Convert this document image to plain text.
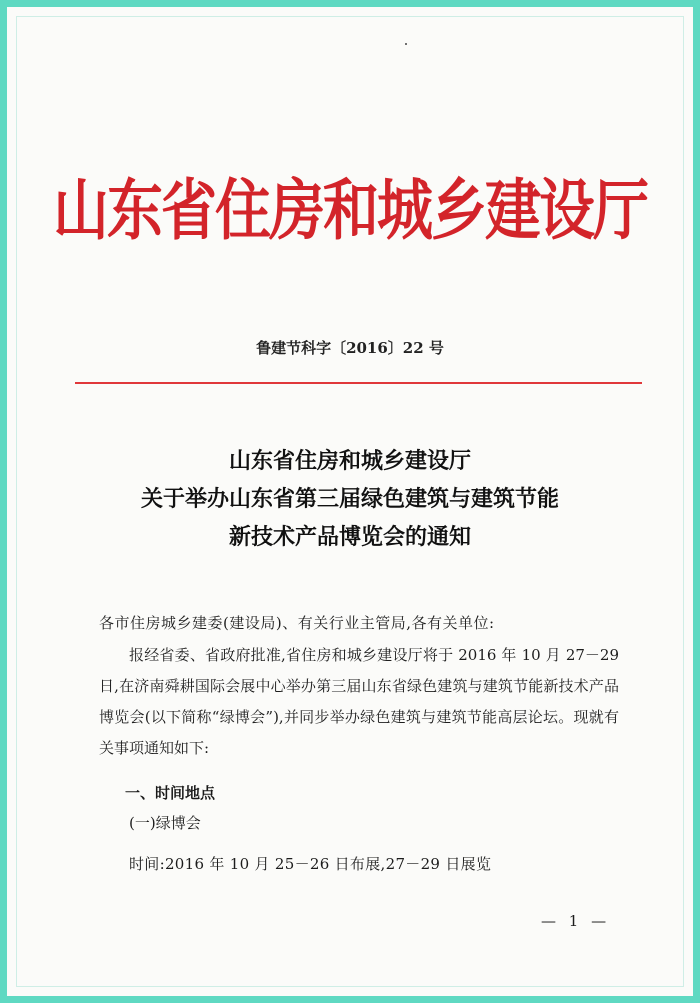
山东省住房和城乡建设厅
鲁建节科字〔2016〕22 号
山东省住房和城乡建设厅
关于举办山东省第三届绿色建筑与建筑节能
新技术产品博览会的通知
各市住房城乡建委(建设局)、有关行业主管局,各有关单位:
报经省委、省政府批准,省住房和城乡建设厅将于 2016 年 10 月 27－29 日,在济南舜耕国际会展中心举办第三届山东省绿色建筑与建筑节能新技术产品博览会(以下简称“绿博会”),并同步举办绿色建筑与建筑节能高层论坛。现就有关事项通知如下:
一、时间地点
(一)绿博会
时间:2016 年 10 月 25－26 日布展,27－29 日展览
— 1 —
